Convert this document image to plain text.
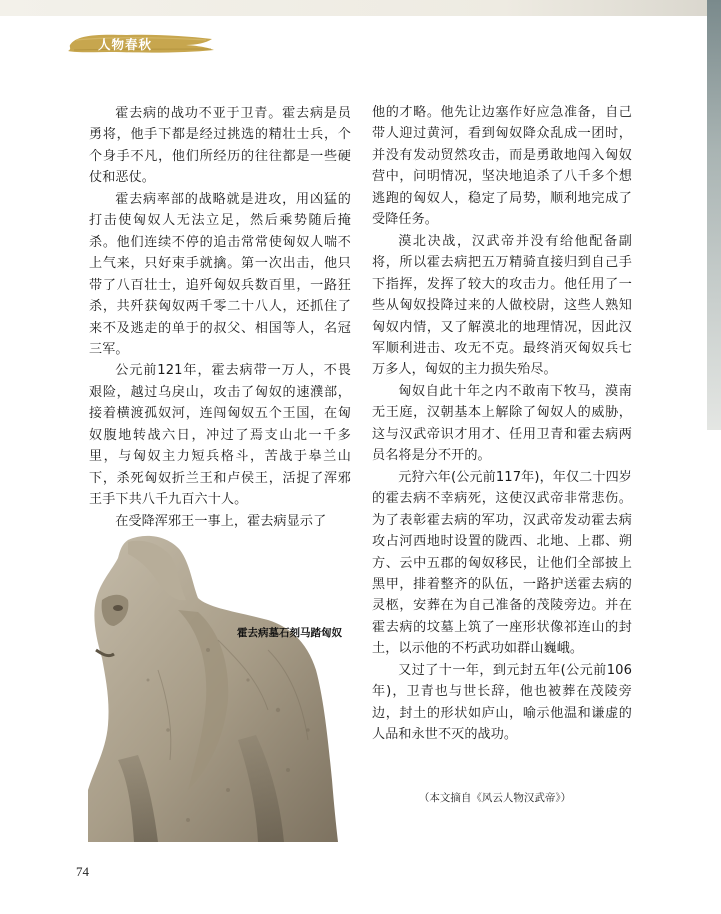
人物春秋

霍去病的战功不亚于卫青。霍去病是员勇将，他手下都是经过挑选的精壮士兵，个个身手不凡，他们所经历的往往都是一些硬仗和恶仗。

霍去病率部的战略就是进攻，用凶猛的打击使匈奴人无法立足，然后乘势随后掩杀。他们连续不停的追击常常使匈奴人喘不上气来，只好束手就擒。第一次出击，他只带了八百壮士，追歼匈奴兵数百里，一路狂杀，共歼获匈奴两千零二十八人，还抓住了来不及逃走的单于的叔父、相国等人，名冠三军。

公元前121年，霍去病带一万人，不畏艰险，越过乌戾山，攻击了匈奴的速濮部，接着横渡孤奴河，连闯匈奴五个王国，在匈奴腹地转战六日，冲过了焉支山北一千多里，与匈奴主力短兵格斗，苦战于皋兰山下，杀死匈奴折兰王和卢侯王，活捉了浑邪王手下共八千九百六十人。

在受降浑邪王一事上，霍去病显示了

他的才略。他先让边塞作好应急准备，自己带人迎过黄河，看到匈奴降众乱成一团时，并没有发动贸然攻击，而是勇敢地闯入匈奴营中，问明情况，坚决地追杀了八千多个想逃跑的匈奴人，稳定了局势，顺利地完成了受降任务。

漠北决战，汉武帝并没有给他配备副将，所以霍去病把五万精骑直接归到自己手下指挥，发挥了较大的攻击力。他任用了一些从匈奴投降过来的人做校尉，这些人熟知匈奴内情，又了解漠北的地理情况，因此汉军顺利进击、攻无不克。最终消灭匈奴兵七万多人，匈奴的主力损失殆尽。

匈奴自此十年之内不敢南下牧马，漠南无王庭，汉朝基本上解除了匈奴人的威胁，这与汉武帝识才用才、任用卫青和霍去病两员名将是分不开的。

元狩六年(公元前117年)，年仅二十四岁的霍去病不幸病死，这使汉武帝非常悲伤。为了表彰霍去病的军功，汉武帝发动霍去病攻占河西地时设置的陇西、北地、上郡、朔方、云中五郡的匈奴移民，让他们全部披上黑甲，排着整齐的队伍，一路护送霍去病的灵柩，安葬在为自己准备的茂陵旁边。并在霍去病的坟墓上筑了一座形状像祁连山的封土，以示他的不朽武功如群山巍峨。

又过了十一年，到元封五年(公元前106年)，卫青也与世长辞，他也被葬在茂陵旁边，封土的形状如庐山，喻示他温和谦虚的人品和永世不灭的战功。

（本文摘自《风云人物汉武帝》）
霍去病墓石刻马踏匈奴
74
